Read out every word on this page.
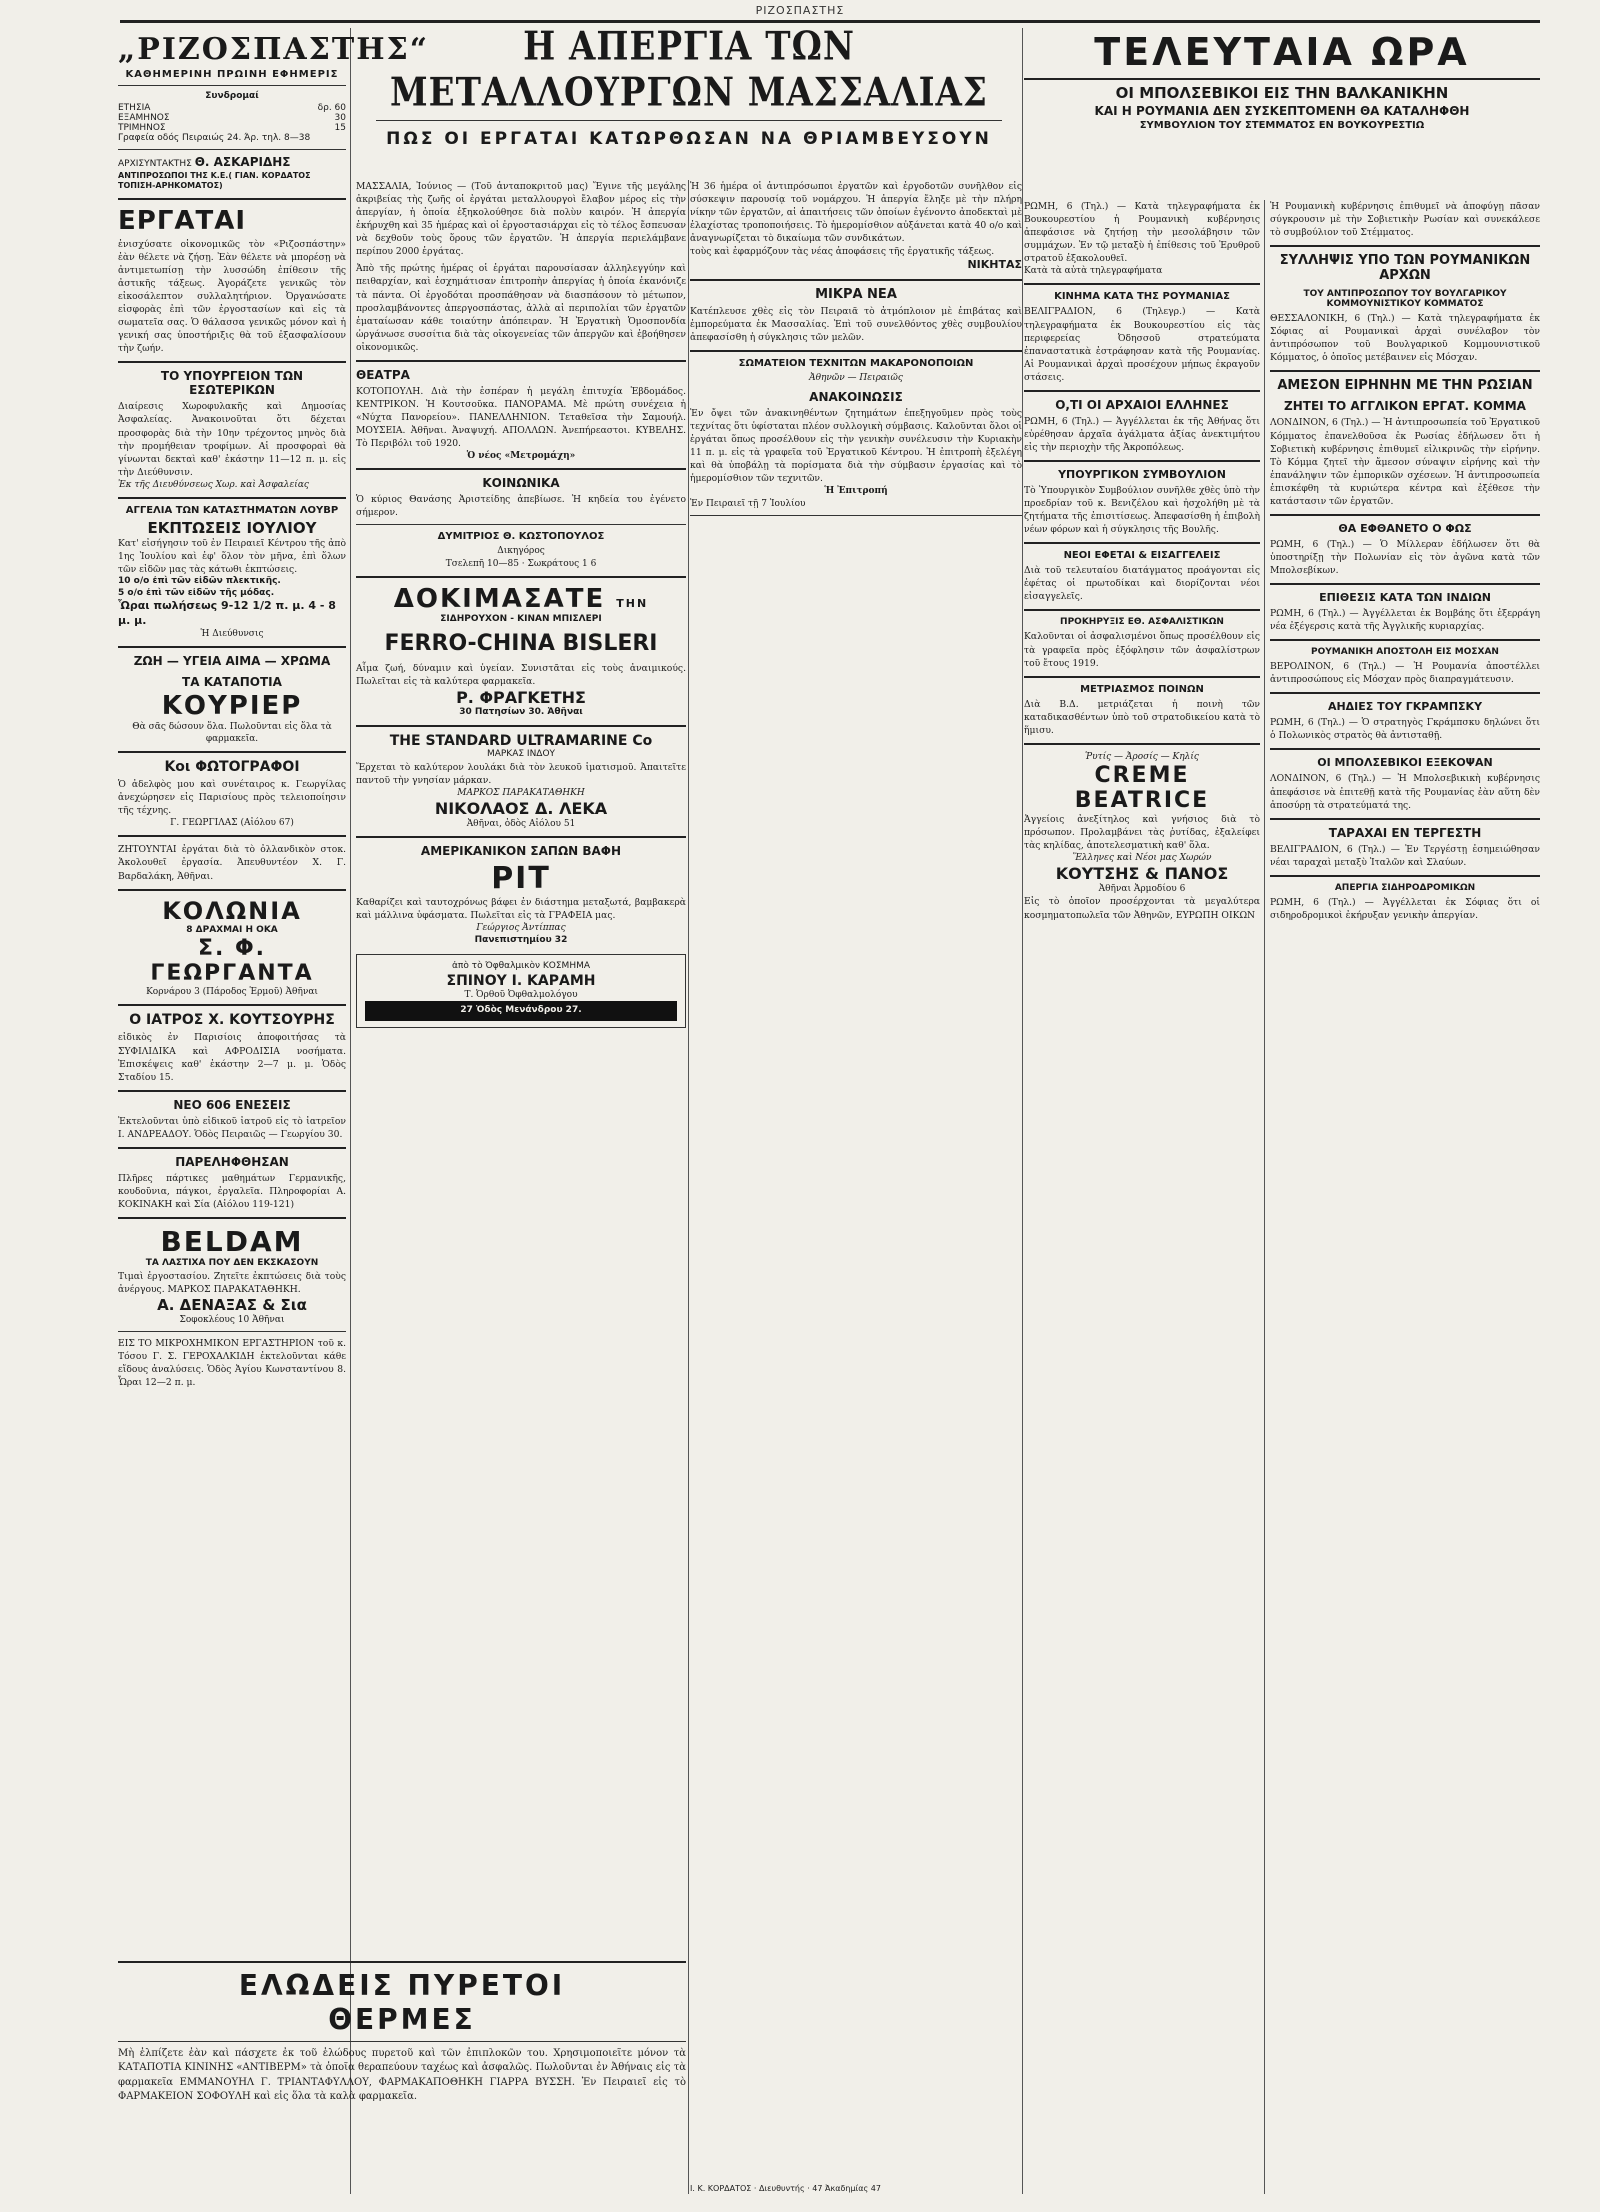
ΡΙΖΟΣΠΑΣΤΗΣ
„ΡΙΖΟΣΠΑΣΤΗΣ“
ΚΑΘΗΜΕΡΙΝΗ ΠΡΩΙΝΗ ΕΦΗΜΕΡΙΣ
Συνδρομαί
ΕΤΗΣΙΑ	δρ. 60
ΕΞΑΜΗΝΟΣ	30
ΤΡΙΜΗΝΟΣ	15
Γραφεία οδός Πειραιώς 24. Άρ. τηλ. 8—38
ΑΡΧΙΣΥΝΤΑΚΤΗΣ Θ. ΑΣΚΑΡΙΔΗΣ
ΑΝΤΙΠΡΟΣΩΠΟΙ ΤΗΣ Κ.Ε.( ΓΙΑΝ. ΚΟΡΔΑΤΟΣ ΤΟΠΙΣΗ-ΑΡΗΚΟΜΑΤΟΣ)
ΕΡΓΑΤΑΙ
ἐνισχύσατε οἰκονομικῶς τὸν «Ριζοσπάστην» ἐὰν θέλετε νὰ ζήσῃ. Ἐὰν θέλετε νὰ μπορέσῃ νὰ ἀντιμετωπίσῃ τὴν λυσσώδη ἐπίθεσιν τῆς ἀστικῆς τάξεως. Ἀγοράζετε γενικῶς τὸν εἰκοσάλεπτον συλλαλητήριον. Ὀργανώσατε εἰσφορὰς ἐπὶ τῶν ἐργοστασίων καὶ εἰς τὰ σωματεῖα σας. Ὁ θάλασσα γενικῶς μόνον καὶ ἡ γενική σας ὑποστήριξις θὰ τοῦ ἐξασφαλίσουν τὴν ζωήν.
ΤΟ ΥΠΟΥΡΓΕΙΟΝ ΤΩΝ ΕΣΩΤΕΡΙΚΩΝ
Διαίρεσις Χωροφυλακῆς καὶ Δημοσίας Ἀσφαλείας. Ἀνακοινοῦται ὅτι δέχεται προσφορὰς διὰ τὴν 10ην τρέχοντος μηνὸς διὰ τὴν προμήθειαν τροφίμων. Αἱ προσφοραὶ θὰ γίνωνται δεκταὶ καθ' ἑκάστην 11—12 π. μ. εἰς τὴν Διεύθυνσιν.
Ἐκ τῆς Διευθύνσεως Χωρ. καὶ Ἀσφαλείας
ΑΓΓΕΛΙΑ ΤΩΝ ΚΑΤΑΣΤΗΜΑΤΩΝ ΛΟΥΒΡ
ΕΚΠΤΩΣΕΙΣ ΙΟΥΛΙΟΥ
Κατ' εἰσήγησιν τοῦ ἐν Πειραιεῖ Κέντρου τῆς ἀπὸ 1ης Ἰουλίου καὶ ἐφ' ὅλον τὸν μῆνα, ἐπὶ ὅλων τῶν εἰδῶν μας τὰς κάτωθι ἐκπτώσεις.
10 ο/ο ἐπὶ τῶν εἰδῶν πλεκτικῆς.
5 ο/ο ἐπὶ τῶν εἰδῶν τῆς μόδας.
Ὧραι πωλήσεως 9-12 1/2 π. μ. 4 - 8 μ. μ.
Ἡ Διεύθυνσις
ΖΩΗ — ΥΓΕΙΑ ΑΙΜΑ — ΧΡΩΜΑ
ΤΑ ΚΑΤΑΠΟΤΙΑ ΚΟΥΡΙΕΡ
Θὰ σᾶς δώσουν ὅλα. Πωλοῦνται εἰς ὅλα τὰ φαρμακεῖα.
Κοι ΦΩΤΟΓΡΑΦΟΙ
Ὁ ἀδελφὸς μου καὶ συνέταιρος κ. Γεωργίλας ἀνεχώρησεν εἰς Παρισίους πρὸς τελειοποίησιν τῆς τέχνης.
Γ. ΓΕΩΡΓΙΛΑΣ (Αἰόλου 67)
ΖΗΤΟΥΝΤΑΙ ἐργάται διὰ τὸ ὀλλανδικὸν στοκ. Ἀκολουθεῖ ἐργασία. Ἀπευθυντέον Χ. Γ. Βαρδαλάκη, Ἀθῆναι.
ΚΟΛΩΝΙΑ
8 ΔΡΑΧΜΑΙ Η ΟΚΑ
Σ. Φ. ΓΕΩΡΓΑΝΤΑ
Κορνάρου 3 (Πάροδος Ἑρμοῦ) Ἀθῆναι
Ο ΙΑΤΡΟΣ Χ. ΚΟΥΤΣΟΥΡΗΣ
εἰδικὸς ἐν Παρισίοις ἀποφοιτήσας τὰ ΣΥΦΙΛΙΔΙΚΑ καὶ ΑΦΡΟΔΙΣΙΑ νοσήματα. Ἐπισκέψεις καθ' ἑκάστην 2—7 μ. μ. Ὁδὸς Σταδίου 15.
ΝΕΟ 606 ΕΝΕΣΕΙΣ
Ἐκτελοῦνται ὑπὸ εἰδικοῦ ἰατροῦ εἰς τὸ ἰατρεῖον Ι. ΑΝΔΡΕΑΔΟΥ. Ὁδὸς Πειραιῶς — Γεωργίου 30.
ΠΑΡΕΛΗΦΘΗΣΑΝ
Πλῆρες πάρτικες μαθημάτων Γερμανικῆς, κουδοῦνια, πάγκοι, ἐργαλεῖα. Πληροφορίαι Α. ΚΟΚΙΝΑΚΗ καὶ Σία (Αἰόλου 119-121)
BELDAM
ΤΑ ΛΑΣΤΙΧΑ ΠΟΥ ΔΕΝ ΕΚΣΚΑΣΟΥΝ
Τιμαὶ ἐργοστασίου. Ζητεῖτε ἐκπτώσεις διὰ τοὺς ἀνέργους. ΜΑΡΚΟΣ ΠΑΡΑΚΑΤΑΘΗΚΗ.
Α. ΔΕΝΑΞΑΣ & Σια
Σοφοκλέους 10 Ἀθῆναι
ΕΙΣ ΤΟ ΜΙΚΡΟΧΗΜΙΚΟΝ ΕΡΓΑΣΤΗΡΙΟΝ τοῦ κ. Τόσου Γ. Σ. ΓΕΡΟΧΑΛΚΙΔΗ ἐκτελοῦνται κάθε εἴδους ἀναλύσεις. Ὁδὸς Ἀγίου Κωνσταντίνου 8. Ὧραι 12—2 π. μ.
Η ΑΠΕΡΓΙΑ ΤΩΝ ΜΕΤΑΛΛΟΥΡΓΩΝ ΜΑΣΣΑΛΙΑΣ
ΠΩΣ ΟΙ ΕΡΓΑΤΑΙ ΚΑΤΩΡΘΩΣΑΝ ΝΑ ΘΡΙΑΜΒΕΥΣΟΥΝ
ΜΑΣΣΑΛΙΑ, Ἰούνιος — (Τοῦ ἀνταποκριτοῦ μας) Ἔγινε τῆς μεγάλης ἀκριβείας τὴς ζωῆς οἱ ἐργάται μεταλλουργοὶ ἔλαβον μέρος εἰς τὴν ἀπεργίαν, ἡ ὁποία ἐξηκολούθησε διὰ πολὺν καιρόν. Ἡ ἀπεργία ἐκήρυχθη καὶ 35 ἡμέρας καὶ οἱ ἐργοστασιάρχαι εἰς τὸ τέλος ἔσπευσαν νὰ δεχθοῦν τοὺς ὅρους τῶν ἐργατῶν. Ἡ ἀπεργία περιελάμβανε περίπου 2000 ἐργάτας.
Ἀπὸ τῆς πρώτης ἡμέρας οἱ ἐργάται παρουσίασαν ἀλληλεγγύην καὶ πειθαρχίαν, καὶ ἐσχημάτισαν ἐπιτροπὴν ἀπεργίας ἡ ὁποία ἐκανόνιζε τὰ πάντα. Οἱ ἐργοδόται προσπάθησαν νὰ διασπάσουν τὸ μέτωπον, προσλαμβάνοντες ἀπεργοσπάστας, ἀλλὰ αἱ περιπολίαι τῶν ἐργατῶν ἐματαίωσαν κάθε τοιαύτην ἀπόπειραν. Ἡ Ἐργατικὴ Ὁμοσπονδία ὠργάνωσε συσσίτια διὰ τὰς οἰκογενείας τῶν ἀπεργῶν καὶ ἐβοήθησεν οἰκονομικῶς.
ΘΕΑΤΡΑ
ΚΟΤΟΠΟΥΛΗ. Διὰ τὴν ἑσπέραν ἡ μεγάλη ἐπιτυχία Ἑβδομάδος. ΚΕΝΤΡΙΚΟΝ. Ἡ Κουτσοῦκα. ΠΑΝΟΡΑΜΑ. Μὲ πρώτη συνέχεια ἡ «Νύχτα Πανορείου». ΠΑΝΕΛΛΗΝΙΟΝ. Τεταθεῖσα τὴν Σαμουήλ. ΜΟΥΣΕΙΑ. Ἀθῆναι. Ἀναψυχή. ΑΠΟΛΛΩΝ. Ἀνεπήρεαστοι. ΚΥΒΕΛΗΣ. Τὸ Περιβόλι τοῦ 1920.
Ὁ νέος «Μετρομάχη»
ΚΟΙΝΩΝΙΚΑ
Ὁ κύριος Θανάσης Ἀριστείδης ἀπεβίωσε. Ἡ κηδεία του ἐγένετο σήμερον.
ΔΥΜΙΤΡΙΟΣ Θ. ΚΩΣΤΟΠΟΥΛΟΣ
Δικηγόρος
Τσελεπῆ 10—85 · Σωκράτους 1 6
ΔΟΚΙΜΑΣΑΤΕ ΤΗΝ
ΣΙΔΗΡΟΥΧΟΝ - ΚΙΝΑΝ ΜΠΙΣΛΕΡΙ
FERRO-CHINA BISLERI
Αἷμα ζωή, δύναμιν καὶ ὑγείαν. Συνιστᾶται εἰς τοὺς ἀναιμικούς. Πωλεῖται εἰς τὰ καλύτερα φαρμακεῖα.
Ρ. ΦΡΑΓΚΕΤΗΣ
30 Πατησίων 30. Ἀθῆναι
THE STANDARD ULTRAMARINE Co
ΜΑΡΚΑΣ ΙΝΔΟΥ
Ἔρχεται τὸ καλύτερον λουλάκι διὰ τὸν λευκοῦ ἱματισμοῦ. Ἀπαιτεῖτε παντοῦ τὴν γνησίαν μάρκαν.
ΜΑΡΚΟΣ ΠΑΡΑΚΑΤΑΘΗΚΗ
ΝΙΚΟΛΑΟΣ Δ. ΛΕΚΑ
Ἀθῆναι, ὁδὸς Αἰόλου 51
ΑΜΕΡΙΚΑΝΙΚΟΝ ΣΑΠΩΝ ΒΑΦΗ
PIT
Καθαρίζει καὶ ταυτοχρόνως βάφει ἐν διάστημα μεταξωτά, βαμβακερὰ καὶ μάλλινα ὑφάσματα. Πωλεῖται εἰς τὰ ΓΡΑΦΕΙΑ μας.
Γεώργιος Ἀντίππας
Πανεπιστημίου 32
ἀπὸ τὸ Ὀφθαλμικὸν ΚΟΣΜΗΜΑ
ΣΠΙΝΟΥ Ι. ΚΑΡΑΜΗ
Τ. Ὀρθοῦ Ὀφθαλμολόγου
27 Ὁδὸς Μενάνδρου 27.
Ἡ 36 ἡμέρα οἱ ἀντιπρόσωποι ἐργατῶν καὶ ἐργοδοτῶν συνῆλθον εἰς σύσκεψιν παρουσίᾳ τοῦ νομάρχου. Ἡ ἀπεργία ἔληξε μὲ τὴν πλήρη νίκην τῶν ἐργατῶν, αἱ ἀπαιτήσεις τῶν ὁποίων ἐγένοντο ἀποδεκταὶ μὲ ἐλαχίστας τροποποιήσεις. Τὸ ἡμερομίσθιον αὐξάνεται κατὰ 40 ο/ο καὶ ἀναγνωρίζεται τὸ δικαίωμα τῶν συνδικάτων.
τοὺς καὶ ἐφαρμόζουν τὰς νέας ἀποφάσεις τῆς ἐργατικῆς τάξεως.
ΝΙΚΗΤΑΣ
ΜΙΚΡΑ ΝΕΑ
Κατέπλευσε χθὲς εἰς τὸν Πειραιᾶ τὸ ἀτμόπλοιον μὲ ἐπιβάτας καὶ ἐμπορεύματα ἐκ Μασσαλίας. Ἐπὶ τοῦ συνελθόντος χθὲς συμβουλίου ἀπεφασίσθη ἡ σύγκλησις τῶν μελῶν.
ΣΩΜΑΤΕΙΟΝ ΤΕΧΝΙΤΩΝ ΜΑΚΑΡΟΝΟΠΟΙΩΝ
Ἀθηνῶν — Πειραιῶς
ΑΝΑΚΟΙΝΩΣΙΣ
Ἐν ὄψει τῶν ἀνακινηθέντων ζητημάτων ἐπεξηγοῦμεν πρὸς τοὺς τεχνίτας ὅτι ὑφίσταται πλέον συλλογικὴ σύμβασις. Καλοῦνται ὅλοι οἱ ἐργάται ὅπως προσέλθουν εἰς τὴν γενικὴν συνέλευσιν τὴν Κυριακὴν 11 π. μ. εἰς τὰ γραφεῖα τοῦ Ἐργατικοῦ Κέντρου. Ἡ ἐπιτροπὴ ἐξελέγη καὶ θὰ ὑποβάλῃ τὰ πορίσματα διὰ τὴν σύμβασιν ἐργασίας καὶ τὸ ἡμερομίσθιον τῶν τεχνιτῶν.
Ἡ Ἐπιτροπή
Ἐν Πειραιεῖ τῇ 7 Ἰουλίου
Ι. Κ. ΚΟΡΔΑΤΟΣ · Διευθυντής · 47 Ἀκαδημίας 47
ΤΕΛΕΥΤΑΙΑ ΩΡΑ
ΟΙ ΜΠΟΛΣΕΒΙΚΟΙ ΕΙΣ ΤΗΝ ΒΑΛΚΑΝΙΚΗΝ
ΚΑΙ Η ΡΟΥΜΑΝΙΑ ΔΕΝ ΣΥΣΚΕΠΤΟΜΕΝΗ ΘΑ ΚΑΤΑΛΗΦΘΗ
ΣΥΜΒΟΥΛΙΟΝ ΤΟΥ ΣΤΕΜΜΑΤΟΣ ΕΝ ΒΟΥΚΟΥΡΕΣΤΙΩ
ΡΩΜΗ, 6 (Τηλ.) — Κατὰ τηλεγραφήματα ἐκ Βουκουρεστίου ἡ Ρουμανικὴ κυβέρνησις ἀπεφάσισε νὰ ζητήσῃ τὴν μεσολάβησιν τῶν συμμάχων. Ἐν τῷ μεταξὺ ἡ ἐπίθεσις τοῦ Ἐρυθροῦ στρατοῦ ἐξακολουθεῖ.
Κατὰ τὰ αὐτὰ τηλεγραφήματα
ΚΙΝΗΜΑ ΚΑΤΑ ΤΗΣ ΡΟΥΜΑΝΙΑΣ
ΒΕΛΙΓΡΑΔΙΟΝ, 6 (Τηλεγρ.) — Κατὰ τηλεγραφήματα ἐκ Βουκουρεστίου εἰς τὰς περιφερείας Ὀδησσοῦ στρατεύματα ἐπαναστατικὰ ἐστράφησαν κατὰ τῆς Ρουμανίας. Αἱ Ρουμανικαὶ ἀρχαὶ προσέχουν μήπως ἐκραγοῦν στάσεις.
Ο,ΤΙ ΟΙ ΑΡΧΑΙΟΙ ΕΛΛΗΝΕΣ
ΡΩΜΗ, 6 (Τηλ.) — Ἀγγέλλεται ἐκ τῆς Ἀθήνας ὅτι εὑρέθησαν ἀρχαῖα ἀγάλματα ἀξίας ἀνεκτιμήτου εἰς τὴν περιοχὴν τῆς Ἀκροπόλεως.
ΥΠΟΥΡΓΙΚΟΝ ΣΥΜΒΟΥΛΙΟΝ
Τὸ Ὑπουργικὸν Συμβούλιον συνῆλθε χθὲς ὑπὸ τὴν προεδρίαν τοῦ κ. Βενιζέλου καὶ ἠσχολήθη μὲ τὰ ζητήματα τῆς ἐπισιτίσεως. Ἀπεφασίσθη ἡ ἐπιβολὴ νέων φόρων καὶ ἡ σύγκλησις τῆς Βουλῆς.
ΝΕΟΙ ΕΦΕΤΑΙ & ΕΙΣΑΓΓΕΛΕΙΣ
Διὰ τοῦ τελευταίου διατάγματος προάγονται εἰς ἐφέτας οἱ πρωτοδίκαι καὶ διορίζονται νέοι εἰσαγγελεῖς.
ΠΡΟΚΗΡΥΞΙΣ ΕΘ. ΑΣΦΑΛΙΣΤΙΚΩΝ
Καλοῦνται οἱ ἀσφαλισμένοι ὅπως προσέλθουν εἰς τὰ γραφεῖα πρὸς ἐξόφλησιν τῶν ἀσφαλίστρων τοῦ ἔτους 1919.
ΜΕΤΡΙΑΣΜΟΣ ΠΟΙΝΩΝ
Διὰ Β.Δ. μετριάζεται ἡ ποινὴ τῶν καταδικασθέντων ὑπὸ τοῦ στρατοδικείου κατὰ τὸ ἥμισυ.
Ῥυτίς — Ἀροσίς — Κηλίς
CREME BEATRICE
Ἀγγείοις ἀνεξίτηλος καὶ γνήσιος διὰ τὸ πρόσωπον. Προλαμβάνει τὰς ῥυτίδας, ἐξαλείφει τὰς κηλίδας, ἀποτελεσματικὴ καθ' ὅλα.
Ἕλληνες καὶ Νέοι μας Χωρών
ΚΟΥΤΣΗΣ & ΠΑΝΟΣ
Ἀθῆναι Ἀρμοδίου 6
Εἰς τὸ ὁποῖον προσέρχονται τὰ μεγαλύτερα κοσμηματοπωλεῖα τῶν Ἀθηνῶν, ΕΥΡΩΠΗ ΟΙΚΩΝ
Ἡ Ρουμανικὴ κυβέρνησις ἐπιθυμεῖ νὰ ἀποφύγῃ πᾶσαν σύγκρουσιν μὲ τὴν Σοβιετικὴν Ρωσίαν καὶ συνεκάλεσε τὸ συμβούλιον τοῦ Στέμματος.
ΣΥΛΛΗΨΙΣ ΥΠΟ ΤΩΝ ΡΟΥΜΑΝΙΚΩΝ ΑΡΧΩΝ
ΤΟΥ ΑΝΤΙΠΡΟΣΩΠΟΥ ΤΟΥ ΒΟΥΛΓΑΡΙΚΟΥ ΚΟΜΜΟΥΝΙΣΤΙΚΟΥ ΚΟΜΜΑΤΟΣ
ΘΕΣΣΑΛΟΝΙΚΗ, 6 (Τηλ.) — Κατὰ τηλεγραφήματα ἐκ Σόφιας αἱ Ρουμανικαὶ ἀρχαὶ συνέλαβον τὸν ἀντιπρόσωπον τοῦ Βουλγαρικοῦ Κομμουνιστικοῦ Κόμματος, ὁ ὁποῖος μετέβαινεν εἰς Μόσχαν.
ΑΜΕΣΟΝ ΕΙΡΗΝΗΝ ΜΕ ΤΗΝ ΡΩΣΙΑΝ
ΖΗΤΕΙ ΤΟ ΑΓΓΛΙΚΟΝ ΕΡΓΑΤ. ΚΟΜΜΑ
ΛΟΝΔΙΝΟΝ, 6 (Τηλ.) — Ἡ ἀντιπροσωπεία τοῦ Ἐργατικοῦ Κόμματος ἐπανελθοῦσα ἐκ Ρωσίας ἐδήλωσεν ὅτι ἡ Σοβιετικὴ κυβέρνησις ἐπιθυμεῖ εἰλικρινῶς τὴν εἰρήνην. Τὸ Κόμμα ζητεῖ τὴν ἄμεσον σύναψιν εἰρήνης καὶ τὴν ἐπανάληψιν τῶν ἐμπορικῶν σχέσεων. Ἡ ἀντιπροσωπεία ἐπισκέφθη τὰ κυριώτερα κέντρα καὶ ἐξέθεσε τὴν κατάστασιν τῶν ἐργατῶν.
ΘΑ ΕΦΘΑΝΕΤΟ Ο ΦΩΣ
ΡΩΜΗ, 6 (Τηλ.) — Ὁ Μίλλεραν ἐδήλωσεν ὅτι θὰ ὑποστηρίξῃ τὴν Πολωνίαν εἰς τὸν ἀγῶνα κατὰ τῶν Μπολσεβίκων.
ΕΠΙΘΕΣΙΣ ΚΑΤΑ ΤΩΝ ΙΝΔΙΩΝ
ΡΩΜΗ, 6 (Τηλ.) — Ἀγγέλλεται ἐκ Βομβάης ὅτι ἐξερράγη νέα ἐξέγερσις κατὰ τῆς Ἀγγλικῆς κυριαρχίας.
ΡΟΥΜΑΝΙΚΗ ΑΠΟΣΤΟΛΗ ΕΙΣ ΜΟΣΧΑΝ
ΒΕΡΟΛΙΝΟΝ, 6 (Τηλ.) — Ἡ Ρουμανία ἀποστέλλει ἀντιπροσώπους εἰς Μόσχαν πρὸς διαπραγμάτευσιν.
ΑΗΔΙΕΣ ΤΟΥ ΓΚΡΑΜΠΣΚΥ
ΡΩΜΗ, 6 (Τηλ.) — Ὁ στρατηγὸς Γκράμπσκυ δηλώνει ὅτι ὁ Πολωνικὸς στρατὸς θὰ ἀντισταθῇ.
ΟΙ ΜΠΟΛΣΕΒΙΚΟΙ ΕΞΕΚΟΨΑΝ
ΛΟΝΔΙΝΟΝ, 6 (Τηλ.) — Ἡ Μπολσεβικικὴ κυβέρνησις ἀπεφάσισε νὰ ἐπιτεθῇ κατὰ τῆς Ρουμανίας ἐὰν αὕτη δὲν ἀποσύρῃ τὰ στρατεύματά της.
ΤΑΡΑΧΑΙ ΕΝ ΤΕΡΓΕΣΤΗ
ΒΕΛΙΓΡΑΔΙΟΝ, 6 (Τηλ.) — Ἐν Τεργέστῃ ἐσημειώθησαν νέαι ταραχαὶ μεταξὺ Ἰταλῶν καὶ Σλαύων.
ΑΠΕΡΓΙΑ ΣΙΔΗΡΟΔΡΟΜΙΚΩΝ
ΡΩΜΗ, 6 (Τηλ.) — Ἀγγέλλεται ἐκ Σόφιας ὅτι οἱ σιδηροδρομικοὶ ἐκήρυξαν γενικὴν ἀπεργίαν.
ΕΛΩΔΕΙΣ ΠΥΡΕΤΟΙ
ΘΕΡΜΕΣ
Μὴ ἐλπίζετε ἐὰν καὶ πάσχετε ἐκ τοῦ ἑλώδους πυρετοῦ καὶ τῶν ἐπιπλοκῶν του. Χρησιμοποιεῖτε μόνον τὰ ΚΑΤΑΠΟΤΙΑ ΚΙΝΙΝΗΣ «ΑΝΤΙΒΕΡΜ» τὰ ὁποῖα θεραπεύουν ταχέως καὶ ἀσφαλῶς. Πωλοῦνται ἐν Ἀθήναις εἰς τὰ φαρμακεῖα ΕΜΜΑΝΟΥΗΛ Γ. ΤΡΙΑΝΤΑΦΥΛΛΟΥ, ΦΑΡΜΑΚΑΠΟΘΗΚΗ ΓΙΑΡΡΑ ΒΥΣΣΗ. Ἐν Πειραιεῖ εἰς τὸ ΦΑΡΜΑΚΕΙΟΝ ΣΟΦΟΥΛΗ καὶ εἰς ὅλα τὰ καλὰ φαρμακεῖα.
